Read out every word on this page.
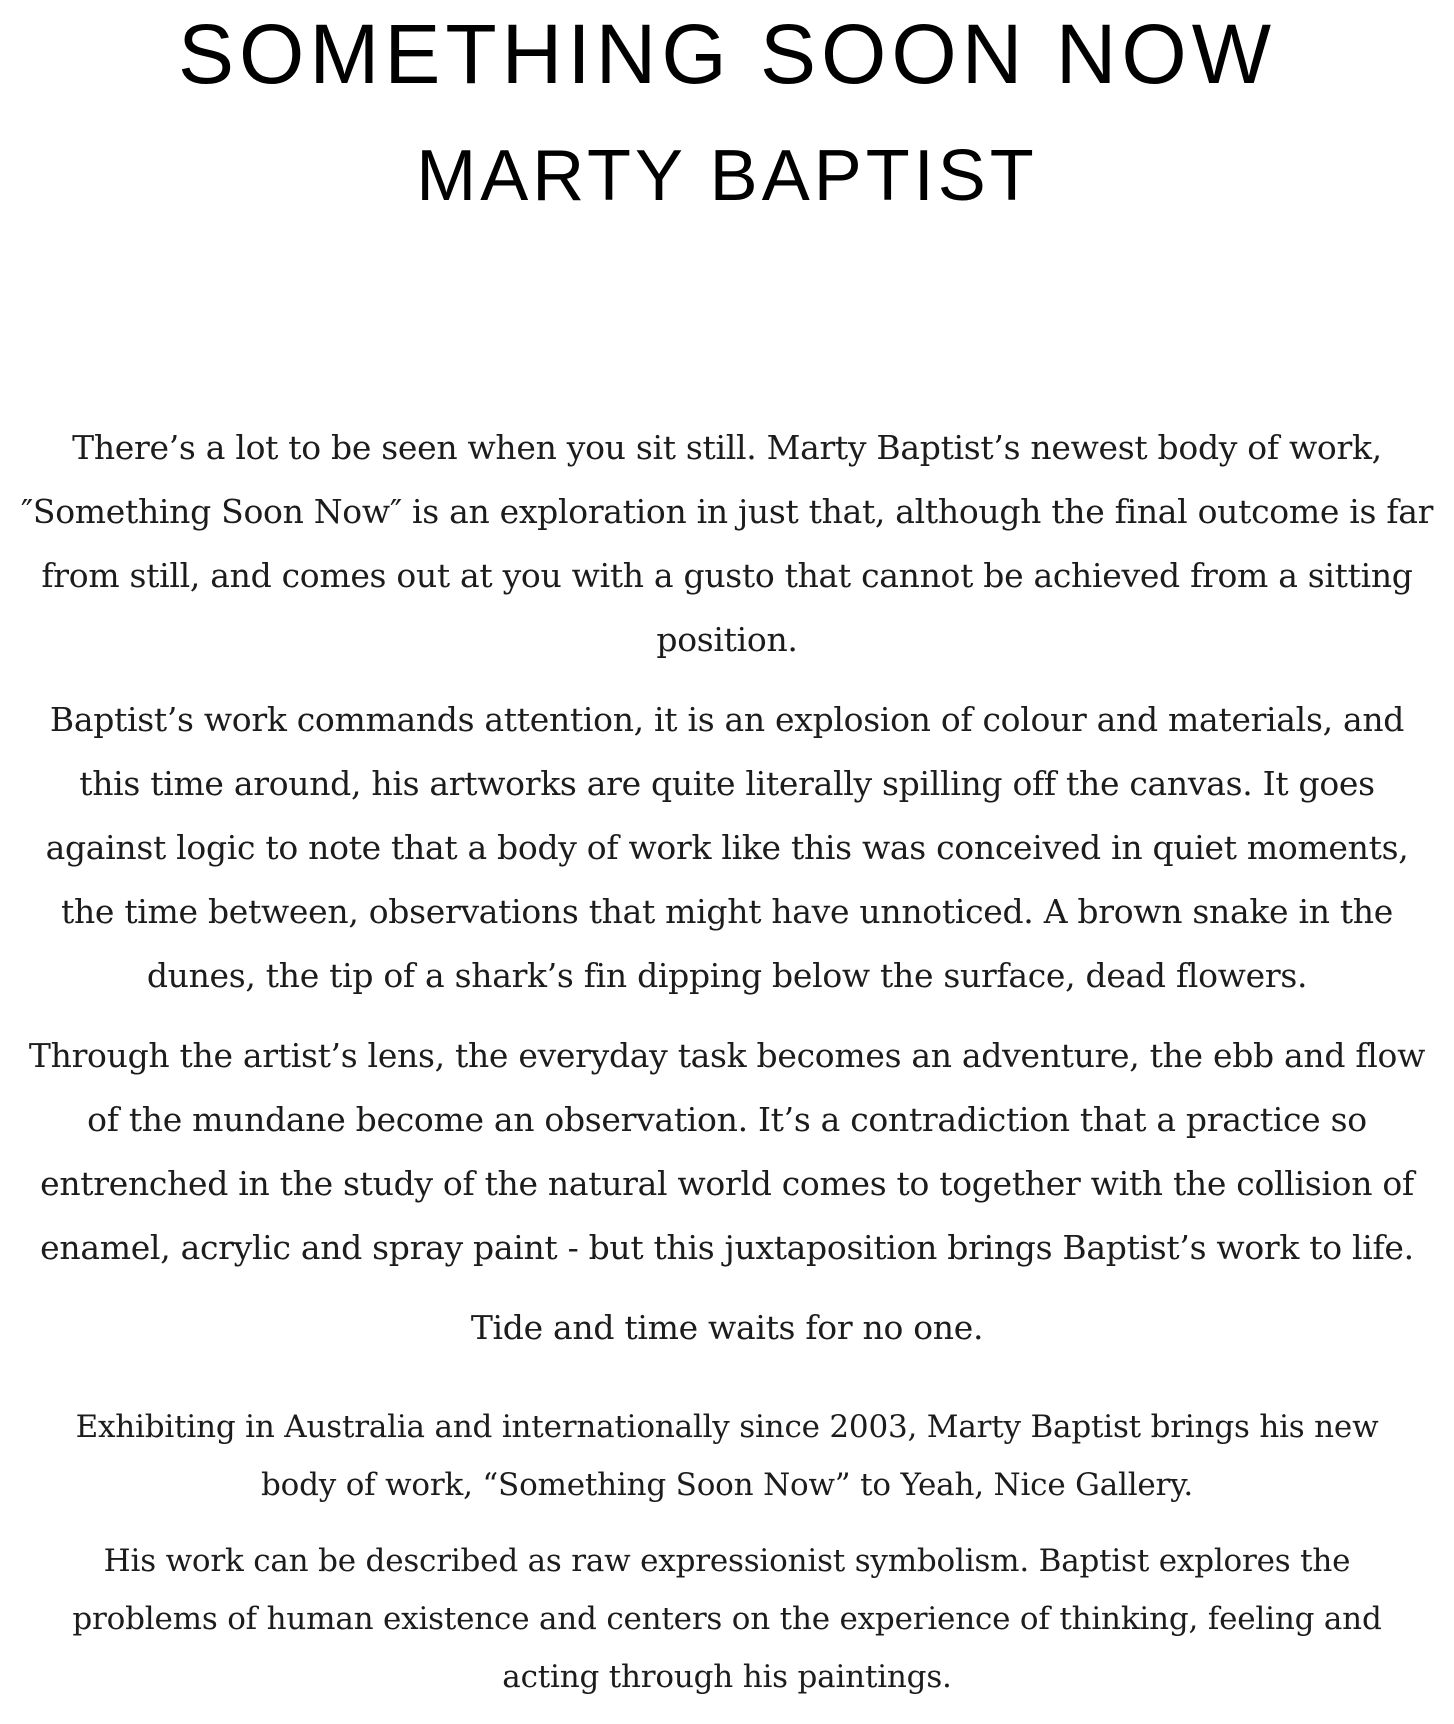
SOMETHING SOON NOW
MARTY BAPTIST

There’s a lot to be seen when you sit still. Marty Baptist’s newest body of work, ″Something Soon Now″ is an exploration in just that, although the final outcome is far from still, and comes out at you with a gusto that cannot be achieved from a sitting position.

Baptist’s work commands attention, it is an explosion of colour and materials, and this time around, his artworks are quite literally spilling off the canvas. It goes against logic to note that a body of work like this was conceived in quiet moments, the time between, observations that might have unnoticed. A brown snake in the dunes, the tip of a shark’s fin dipping below the surface, dead flowers.

Through the artist’s lens, the everyday task becomes an adventure, the ebb and flow of the mundane become an observation. It’s a contradiction that a practice so entrenched in the study of the natural world comes to together with the collision of enamel, acrylic and spray paint - but this juxtaposition brings Baptist’s work to life.

Tide and time waits for no one.

Exhibiting in Australia and internationally since 2003, Marty Baptist brings his new body of work, “Something Soon Now” to Yeah, Nice Gallery.

His work can be described as raw expressionist symbolism. Baptist explores the problems of human existence and centers on the experience of thinking, feeling and acting through his paintings.
